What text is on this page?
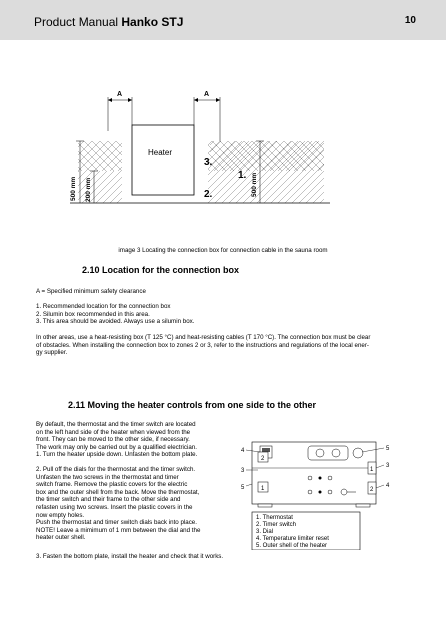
Product Manual Hanko STJ	10
A	A
Heater
3.
1.
2.
500 mm 200 mm	500 mm
image 3 Locating the connection box for connection cable in the sauna room
2.10 Location for the connection box
A = Specified minimum safety clearance
1. Recommended location for the connection box
2. Silumin box recommended in this area.
3. This area should be avoided. Always use a silumin box.
In other areas, use a heat-resisting box (T 125 °C) and heat-resisting cables (T 170 °C). The connection box must be clear
of obstacles. When installing the connection box to zones 2 or 3, refer to the instructions and regulations of the local ener-
gy supplier.
2.11 Moving the heater controls from one side to the other
By default, the thermostat and the timer switch are located
on the left hand side of the heater when viewed from the
front. They can be moved to the other side, if necessary.
The work may only be carried out by a qualified electrician.
1. Turn the heater upside down. Unfasten the bottom plate.
2. Pull off the dials for the thermostat and the timer switch.
Unfasten the two screws in the thermostat and timer
switch frame. Remove the plastic covers for the electric
box and the outer shell from the back. Move the thermostat,
the timer switch and their frame to the other side and
refasten using two screws. Insert the plastic covers in the
now empty holes.
Push the thermostat and timer switch dials back into place.
NOTE! Leave a mimimum of 1 mm between the dial and the
heater outer shell.
3. Fasten the bottom plate, install the heater and check that it works.
4	5
3
3
5	4
2
1
1
2
1. Thermostat
2. Timer switch
3. Dial
4. Temperature limiter reset
5. Outer shell of the heater
